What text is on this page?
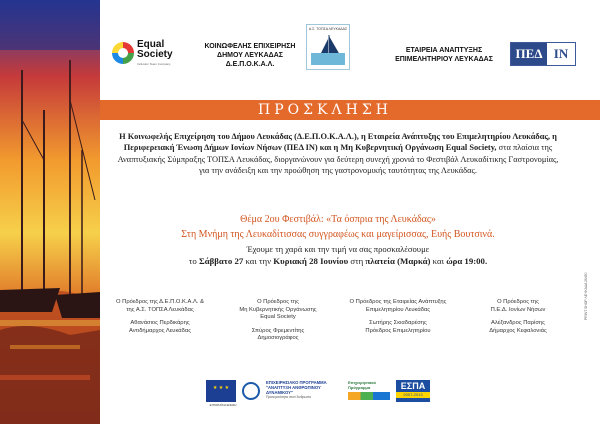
Equal
Society
Inclusion Team Company
ΚΟΙΝΩΦΕΛΗΣ ΕΠΙΧΕΙΡΗΣΗ
ΔΗΜΟΥ ΛΕΥΚΑΔΑΣ
Δ.Ε.Π.Ο.Κ.Α.Λ.
Α.Σ. ΤΟΠΣΑ ΛΕΥΚΑΔΑΣ
ΕΤΑΙΡΕΙΑ ΑΝΑΠΤΥΞΗΣ
ΕΠΙΜΕΛΗΤΗΡΙΟΥ ΛΕΥΚΑΔΑΣ	ΠΕΔ IN
ΠΡΟΣΚΛΗΣΗ
Η Κοινωφελής Επιχείρηση του Δήμου Λευκάδας (Δ.Ε.Π.Ο.Κ.Α.Λ.), η Εταιρεία Ανάπτυξης του Επιμελητηρίου Λευκάδας, η Περιφερειακή Ένωση Δήμων Ιονίων Νήσων (ΠΕΔ ΙΝ) και η Μη Κυβερνητική Οργάνωση Equal Society, στα πλαίσια της Αναπτυξιακής Σύμπραξης ΤΟΠΣΑ Λευκάδας, διοργανώνουν για δεύτερη συνεχή χρονιά το Φεστιβάλ Λευκαδίτικης Γαστρονομίας, για την ανάδειξη και την προώθηση της γαστρονομικής ταυτότητας της Λευκάδας.
Θέμα 2ου Φεστιβάλ: «Τα όσπρια της Λευκάδας»
Στη Μνήμη της Λευκαδίτισσας συγγραφέως και μαγείρισσας, Ευής Βουτσινά.
Έχουμε τη χαρά και την τιμή να σας προσκαλέσουμε
το Σάββατο 27 και την Κυριακή 28 Ιουνίου στη πλατεία (Μαρκά) και ώρα 19:00.
Ο Πρόεδρος της Δ.Ε.Π.Ο.Κ.Α.Λ. &
της Α.Σ. ΤΟΠΣΑ Λευκάδας
Αθανάσιος Περδικάρης
Αντιδήμαρχος Λευκάδας
Ο Πρόεδρος της
Μη Κυβερνητικής Οργάνωσης
Equal Society
Σπύρος Φρεμεντίτης
Δημοσιογράφος
Ο Πρόεδρος της Εταιρείας Ανάπτυξης
Επιμελητηρίου Λευκάδας
Σωτήρης Σκιαδαρέσης
Πρόεδρος Επιμελητηρίου
Ο Πρόεδρος της
Π.Ε.Δ. Ιονίων Νήσων
Αλέξανδρος Παρίσης
Δήμαρχος Κεφαλονιάς
★ ★ ★ ΕΥΡΩΠΑΪΚΗ ΕΝΩΣΗ
ΕΠΙΧΕΙΡΗΣΙΑΚΟ ΠΡΟΓΡΑΜΜΑ
"ΑΝΑΠΤΥΞΗ ΑΝΘΡΩΠΙΝΟΥ ΔΥΝΑΜΙΚΟΥ"
Προτεραιότητα στον Άνθρωπο
Επιχειρησιακό
Πρόγραμμα	ΕΣΠΑ
2007-2013
PRINT SHOP ΛΕΥΚΑΔΑ 26450
